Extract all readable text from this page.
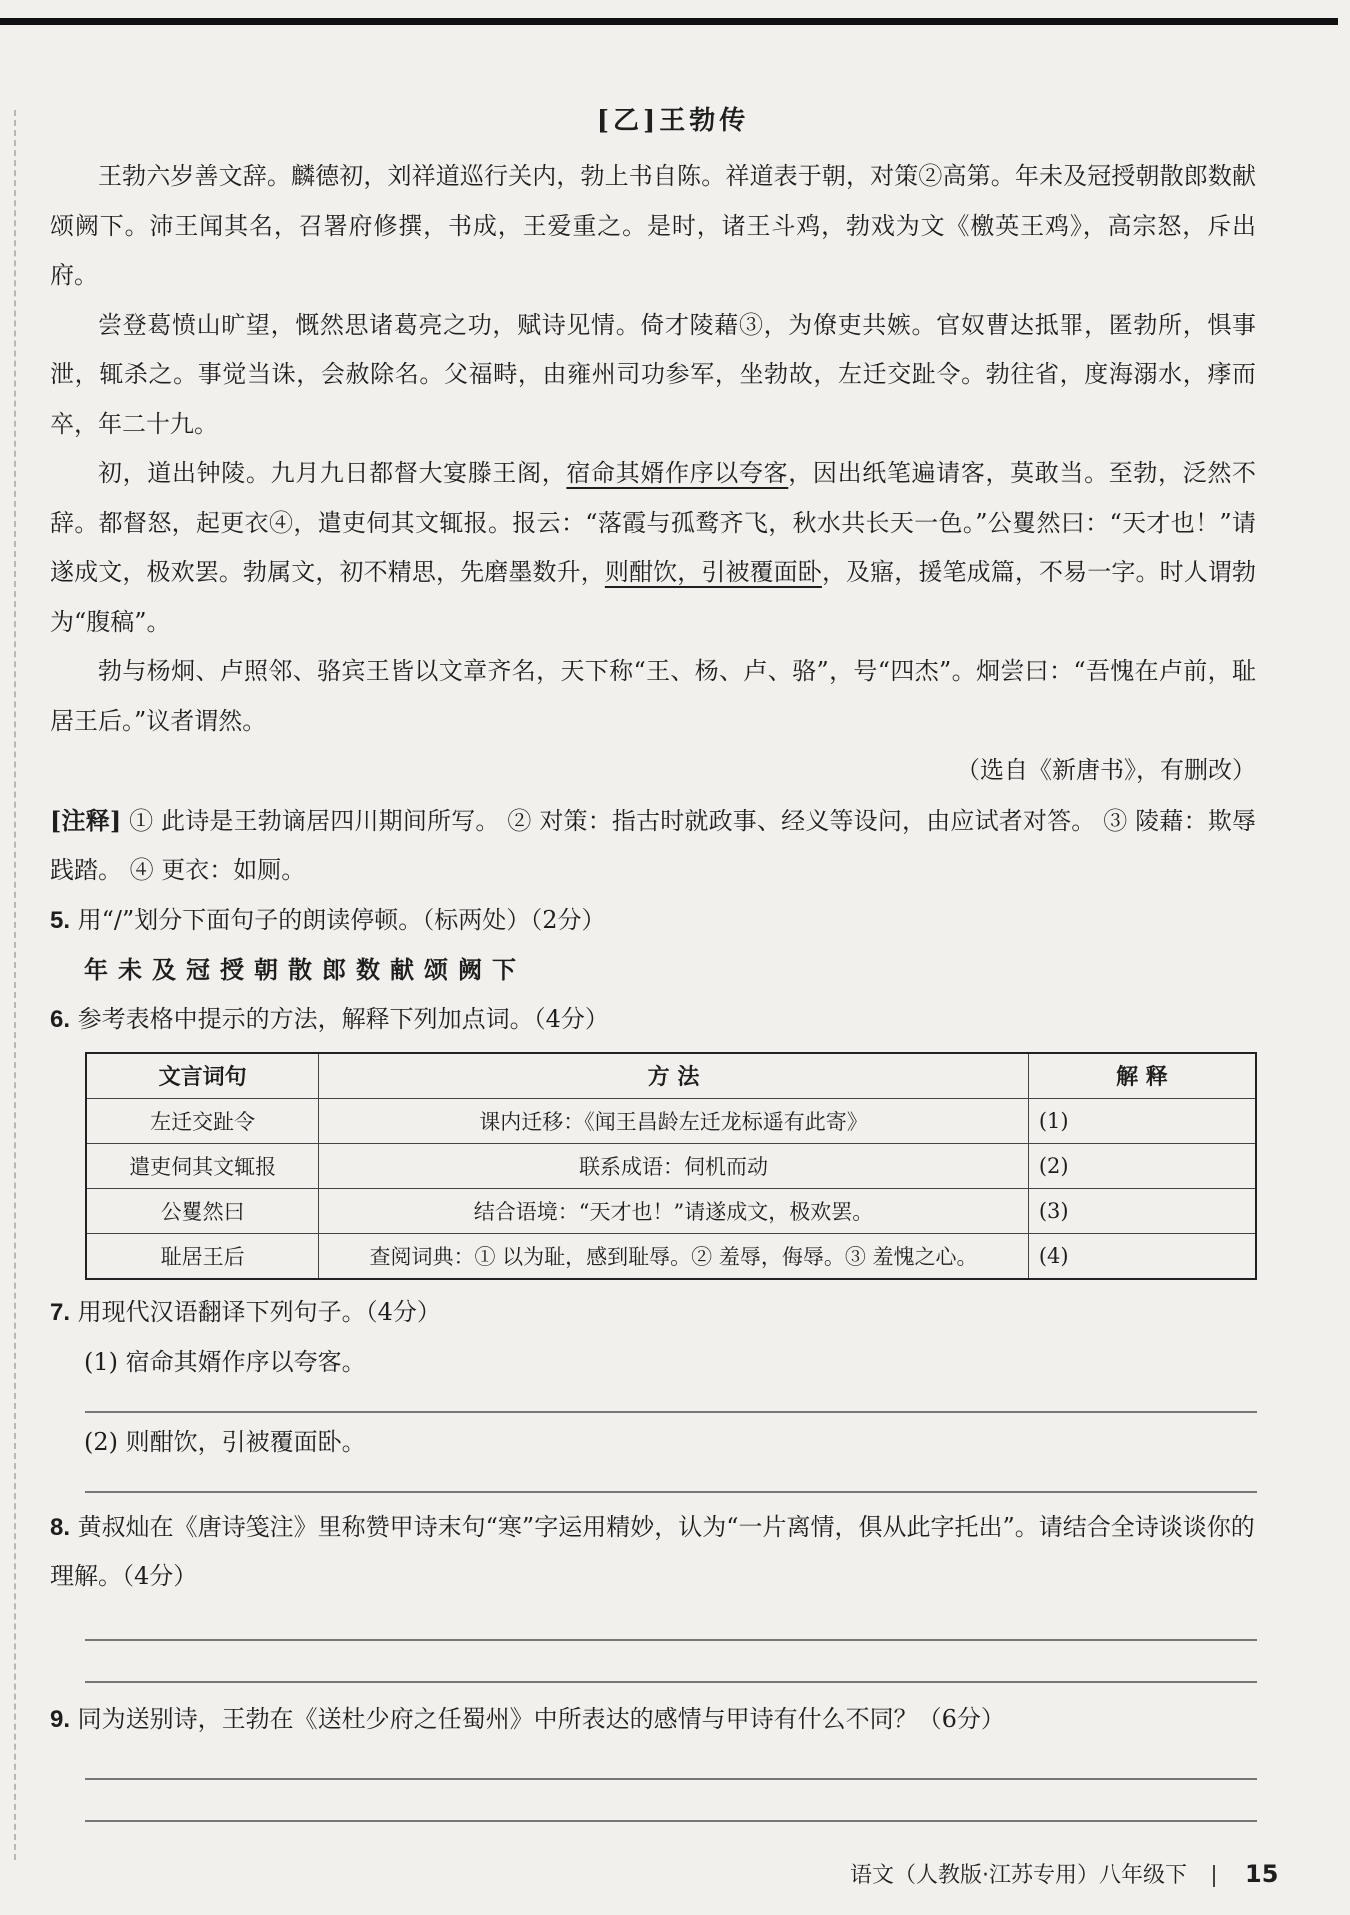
[乙]王勃传
王勃六岁善文辞。麟德初，刘祥道巡行关内，勃上书自陈。祥道表于朝，对策②高第。年未及冠授朝散郎数献颂阙下。沛王闻其名，召署府修撰，书成，王爱重之。是时，诸王斗鸡，勃戏为文《檄英王鸡》，高宗怒，斥出府。
尝登葛愤山旷望，慨然思诸葛亮之功，赋诗见情。倚才陵藉③，为僚吏共嫉。官奴曹达抵罪，匿勃所，惧事泄，辄杀之。事觉当诛，会赦除名。父福畤，由雍州司功参军，坐勃故，左迁交趾令。勃往省，度海溺水，痵而卒，年二十九。
初，道出钟陵。九月九日都督大宴滕王阁，宿命其婿作序以夸客，因出纸笔遍请客，莫敢当。至勃，泛然不辞。都督怒，起更衣④，遣吏伺其文辄报。报云：“落霞与孤鹜齐飞，秋水共长天一色。”公矍然曰：“天才也！”请遂成文，极欢罢。勃属文，初不精思，先磨墨数升，则酣饮，引被覆面卧，及寤，援笔成篇，不易一字。时人谓勃为“腹稿”。
勃与杨炯、卢照邻、骆宾王皆以文章齐名，天下称“王、杨、卢、骆”，号“四杰”。炯尝曰：“吾愧在卢前，耻居王后。”议者谓然。
（选自《新唐书》，有删改）
[注释] ① 此诗是王勃谪居四川期间所写。 ② 对策：指古时就政事、经义等设问，由应试者对答。 ③ 陵藉：欺辱践踏。 ④ 更衣：如厕。
5. 用“/”划分下面句子的朗读停顿。（标两处）（2分）
年未及冠授朝散郎数献颂阙下
6. 参考表格中提示的方法，解释下列加点词。（4分）
文言词句	方 法	解 释
左迁交趾令	课内迁移：《闻王昌龄左迁龙标遥有此寄》	(1)
遣吏伺其文辄报	联系成语：伺机而动	(2)
公矍然曰	结合语境：“天才也！”请遂成文，极欢罢。	(3)
耻居王后	查阅词典：① 以为耻，感到耻辱。② 羞辱，侮辱。③ 羞愧之心。	(4)
7. 用现代汉语翻译下列句子。（4分）
(1) 宿命其婿作序以夸客。
(2) 则酣饮，引被覆面卧。
8. 黄叔灿在《唐诗笺注》里称赞甲诗末句“寒”字运用精妙，认为“一片离情，俱从此字托出”。请结合全诗谈谈你的理解。（4分）
9. 同为送别诗，王勃在《送杜少府之任蜀州》中所表达的感情与甲诗有什么不同？（6分）
语文（人教版·江苏专用）八年级下 15
